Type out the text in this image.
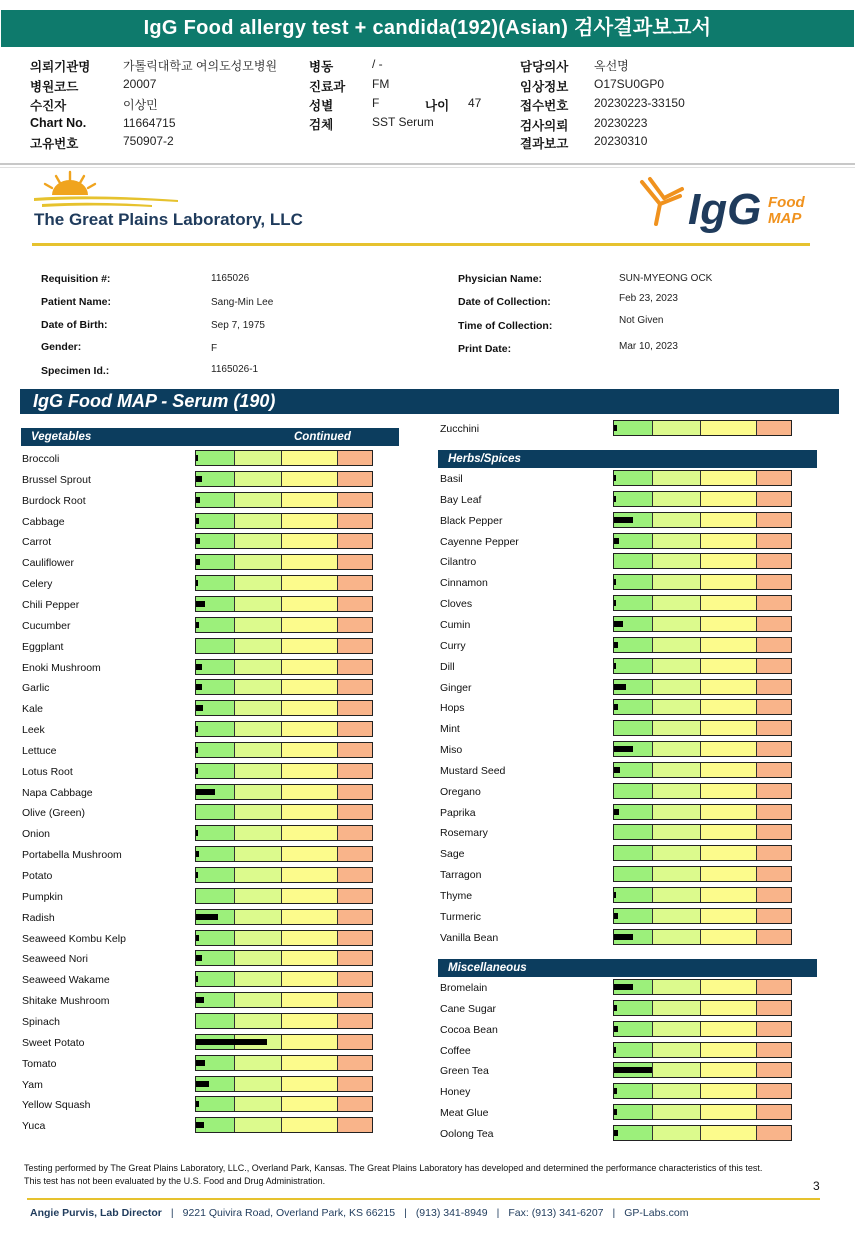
IgG Food allergy test + candida(192)(Asian) 검사결과보고서
의뢰기관명	가톨릭대학교 여의도성모병원
병원코드	20007
수진자	이상민
Chart No.	11664715
고유번호	750907-2
병동	/ -
진료과 FM
성별	F	나이 47
검체	SST Serum
담당의사 옥선명
임상정보 O17SU0GP0
접수번호 20230223-33150
검사의뢰 20230223
결과보고 20230310
The Great Plains Laboratory, LLC	IgG Food
MAP
Requisition #:	1165026
Patient Name:	Sang-Min Lee
Date of Birth:	Sep 7, 1975
Gender:	F
Specimen Id.:	1165026-1
Physician Name:	SUN-MYEONG OCK
Date of Collection:	Feb 23, 2023
Time of Collection:	Not Given
Print Date:	Mar 10, 2023
IgG Food MAP - Serum (190)
Vegetables	Continued
Herbs/Spices
Miscellaneous
Broccoli
Brussel Sprout
Burdock Root
Cabbage
Carrot
Cauliflower
Celery
Chili Pepper
Cucumber
Eggplant
Enoki Mushroom
Garlic
Kale
Leek
Lettuce
Lotus Root
Napa Cabbage
Olive (Green)
Onion
Portabella Mushroom
Potato
Pumpkin
Radish
Seaweed Kombu Kelp
Seaweed Nori
Seaweed Wakame
Shitake Mushroom
Spinach
Sweet Potato
Tomato
Yam
Yellow Squash
Yuca
Zucchini
Basil
Bay Leaf
Black Pepper
Cayenne Pepper
Cilantro
Cinnamon
Cloves
Cumin
Curry
Dill
Ginger
Hops
Mint
Miso
Mustard Seed
Oregano
Paprika
Rosemary
Sage
Tarragon
Thyme
Turmeric
Vanilla Bean
Bromelain
Cane Sugar
Cocoa Bean
Coffee
Green Tea
Honey
Meat Glue
Oolong Tea
Testing performed by The Great Plains Laboratory, LLC., Overland Park, Kansas. The Great Plains Laboratory has developed and determined the performance characteristics of this test. This test has not been evaluated by the U.S. Food and Drug Administration.	3
Angie Purvis, Lab Director | 9221 Quivira Road, Overland Park, KS 66215 | (913) 341-8949 | Fax: (913) 341-6207 | GP-Labs.com
